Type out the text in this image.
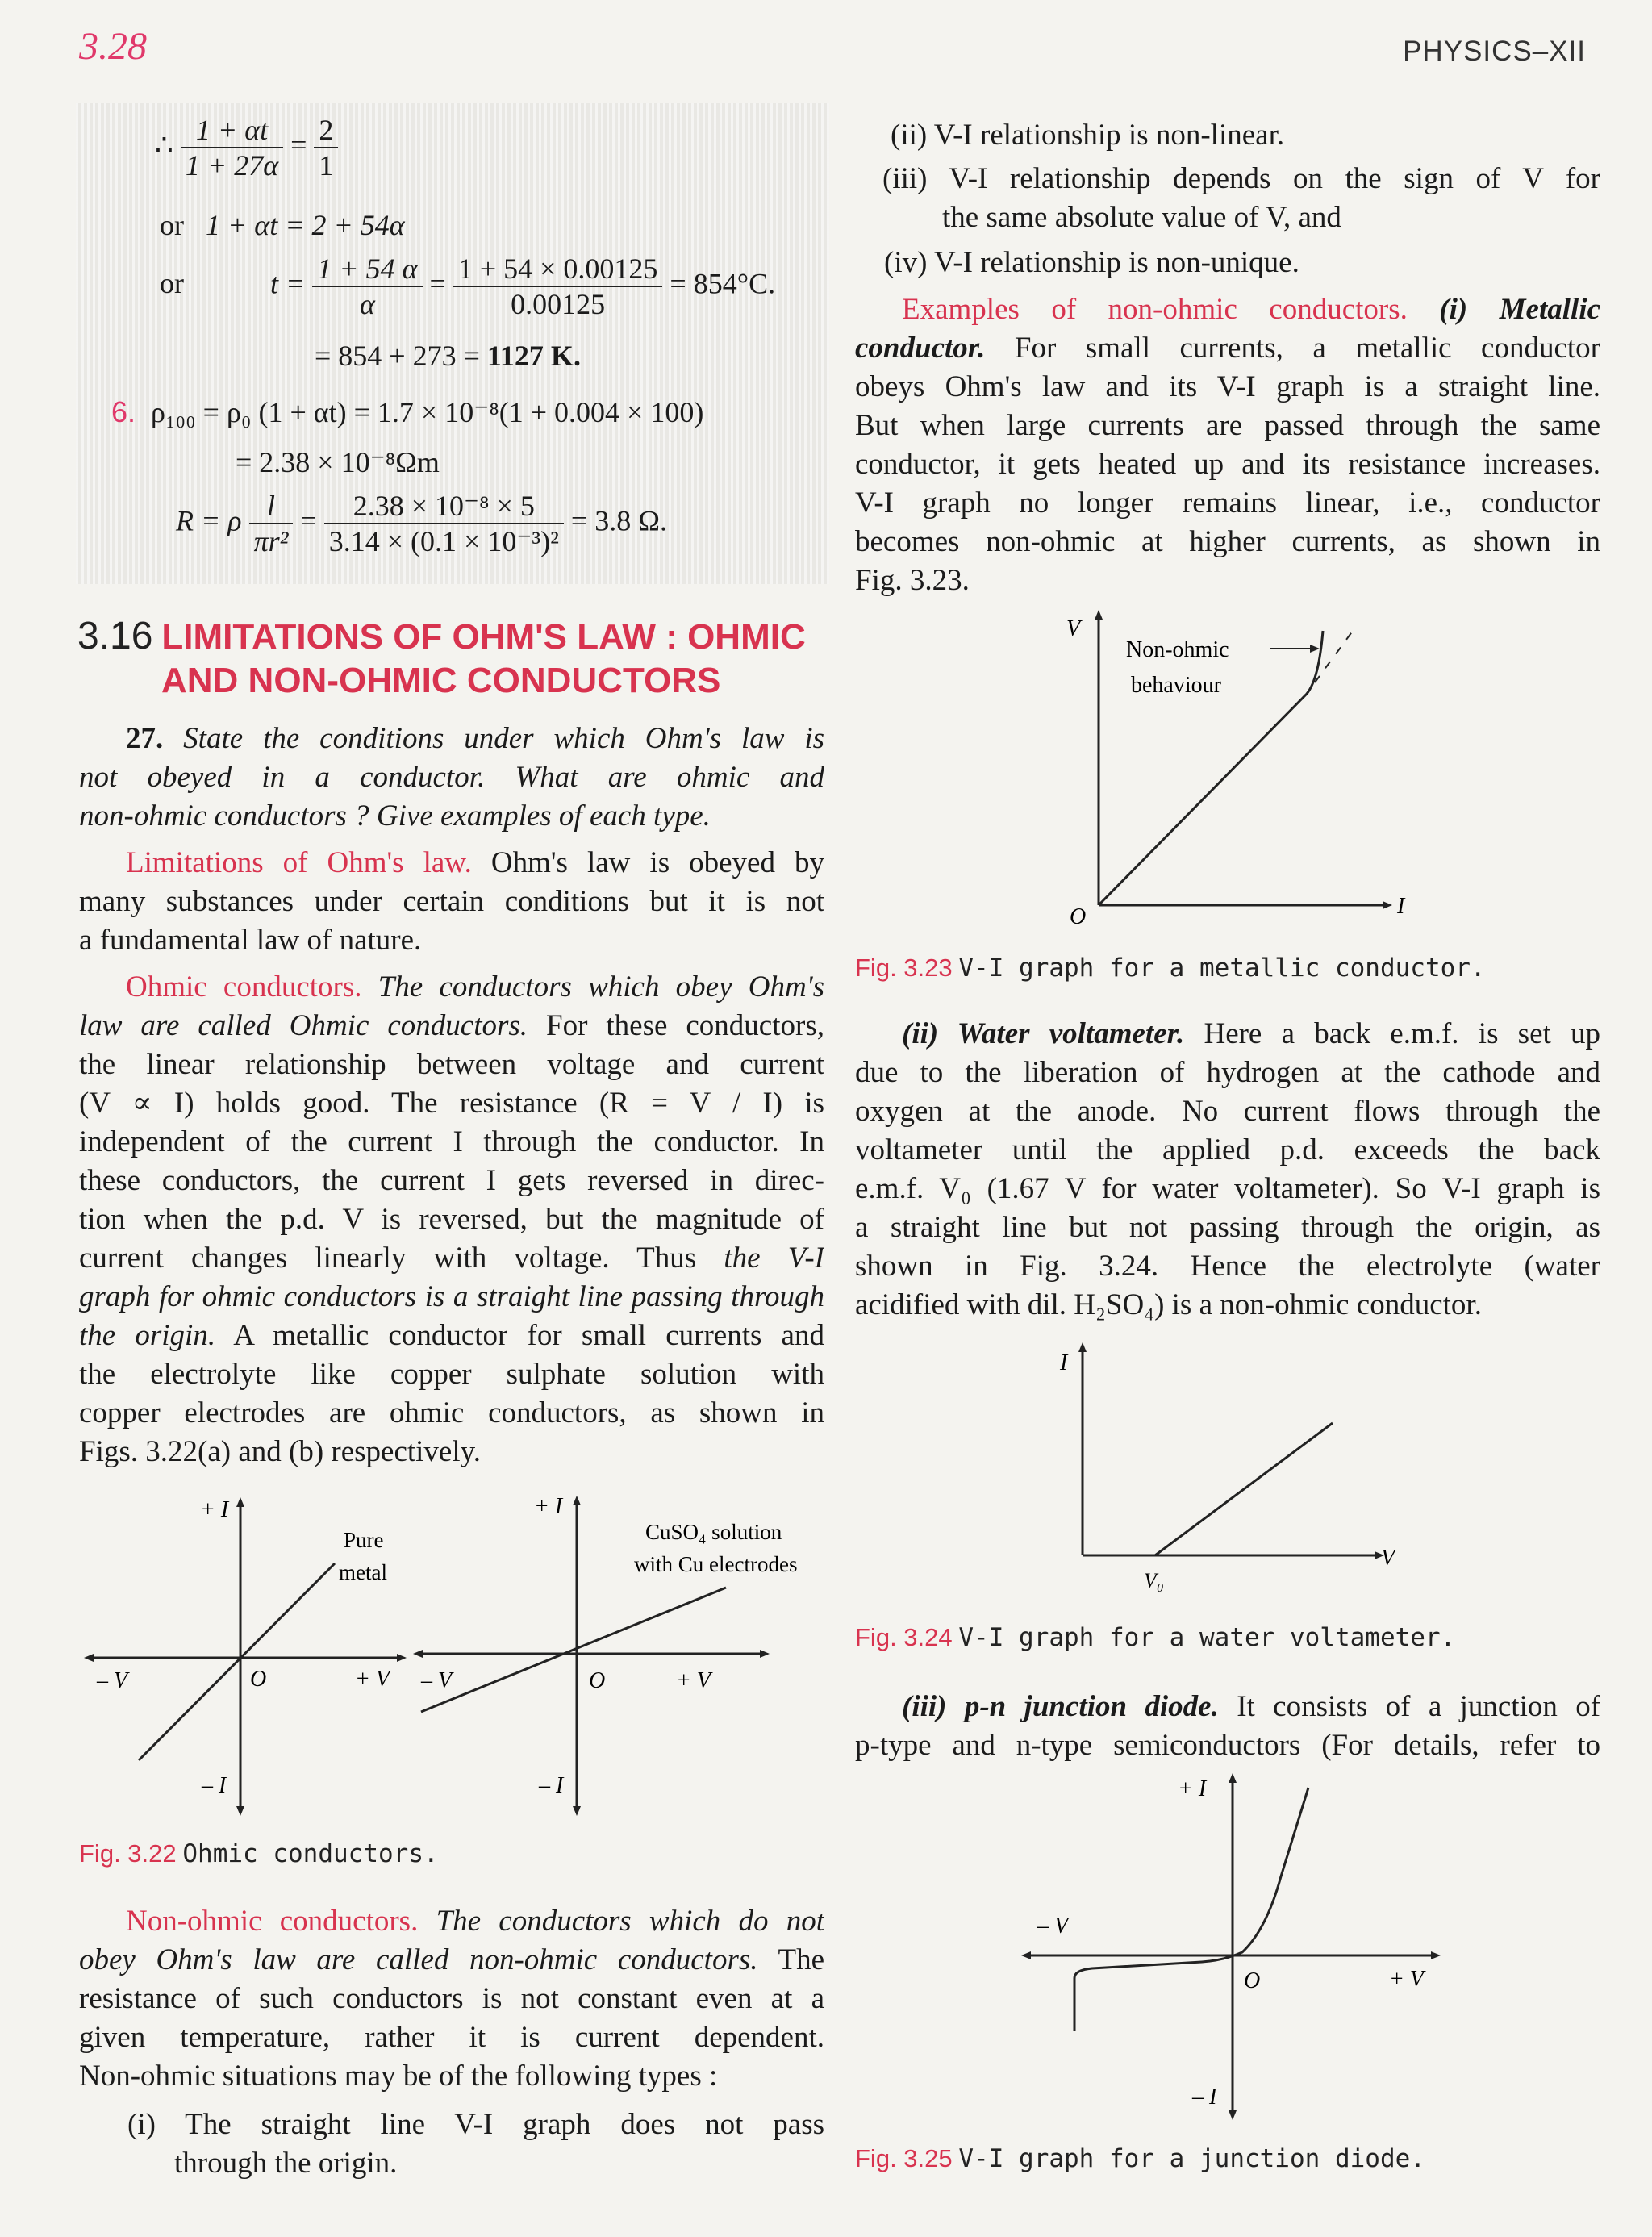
3.28	PHYSICS–XII
∴ $\frac{1 + \alpha t}{1 + 27\alpha} = \frac{2}{1}$
or 1 + αt = 2 + 54α
or	$t = \frac{1 + 54 \alpha}{\alpha} = \frac{1 + 54 \times 0.00125}{0.00125} = 854^\circ C$.
= 854 + 273 = 1127 K.
6. ρ₁₀₀ = ρ₀ (1 + αt) = 1.7 × 10⁻⁸(1 + 0.004 × 100)
= 2.38 × 10⁻⁸Ωm
R = ρ $\frac{l}{\text{πr²}} = \frac{\text{2.38 × 10⁻⁸ × 5}}{\text{3.14 × (0.1 × 10⁻³)²}} = 3.8$ Ω.
3.16 LIMITATIONS OF OHM'S LAW : OHMIC
AND NON-OHMIC CONDUCTORS
27. State the conditions under which Ohm's law is
not obeyed in a conductor. What are ohmic and
non-ohmic conductors ? Give examples of each type.
Limitations of Ohm's law. Ohm's law is obeyed by
many substances under certain conditions but it is not
a fundamental law of nature.
Ohmic conductors. The conductors which obey Ohm's
law are called Ohmic conductors. For these conductors,
the linear relationship between voltage and current
(V ∝ I) holds good. The resistance (R = V / I) is
independent of the current I through the conductor. In
these conductors, the current I gets reversed in direc-
tion when the p.d. V is reversed, but the magnitude of
current changes linearly with voltage. Thus the V-I
graph for ohmic conductors is a straight line passing through
the origin. A metallic conductor for small currents and
the electrolyte like copper sulphate solution with
copper electrodes are ohmic conductors, as shown in
Figs. 3.22(a) and (b) respectively.
+ I
– I
– V	+ V
O
Pure
metal
+ I
– I
– V	+ V
O
CuSO₄ solution
with Cu electrodes
Fig. 3.22 Ohmic conductors.
Non-ohmic conductors. The conductors which do not
obey Ohm's law are called non-ohmic conductors. The
resistance of such conductors is not constant even at a
given temperature, rather it is current dependent.
Non-ohmic situations may be of the following types :
(i) The straight line V-I graph does not pass
through the origin.
(ii) V-I relationship is non-linear.
(iii) V-I relationship depends on the sign of V for
the same absolute value of V, and
(iv) V-I relationship is non-unique.
Examples of non-ohmic conductors. (i) Metallic
conductor. For small currents, a metallic conductor
obeys Ohm's law and its V-I graph is a straight line.
But when large currents are passed through the same
conductor, it gets heated up and its resistance increases.
V-I graph no longer remains linear, i.e., conductor
becomes non-ohmic at higher currents, as shown in
Fig. 3.23.
V
I
O
Non-ohmic
behaviour
Fig. 3.23 V-I graph for a metallic conductor.
(ii) Water voltameter. Here a back e.m.f. is set up
due to the liberation of hydrogen at the cathode and
oxygen at the anode. No current flows through the
voltameter until the applied p.d. exceeds the back
e.m.f. V₀ (1.67 V for water voltameter). So V-I graph is
a straight line but not passing through the origin, as
shown in Fig. 3.24. Hence the electrolyte (water
acidified with dil. H₂SO₄) is a non-ohmic conductor.
I
V
V₀
Fig. 3.24 V-I graph for a water voltameter.
(iii) p-n junction diode. It consists of a junction of
p-type and n-type semiconductors (For details, refer to
+ I
– I
– V
+ V
O
Fig. 3.25 V-I graph for a junction diode.
